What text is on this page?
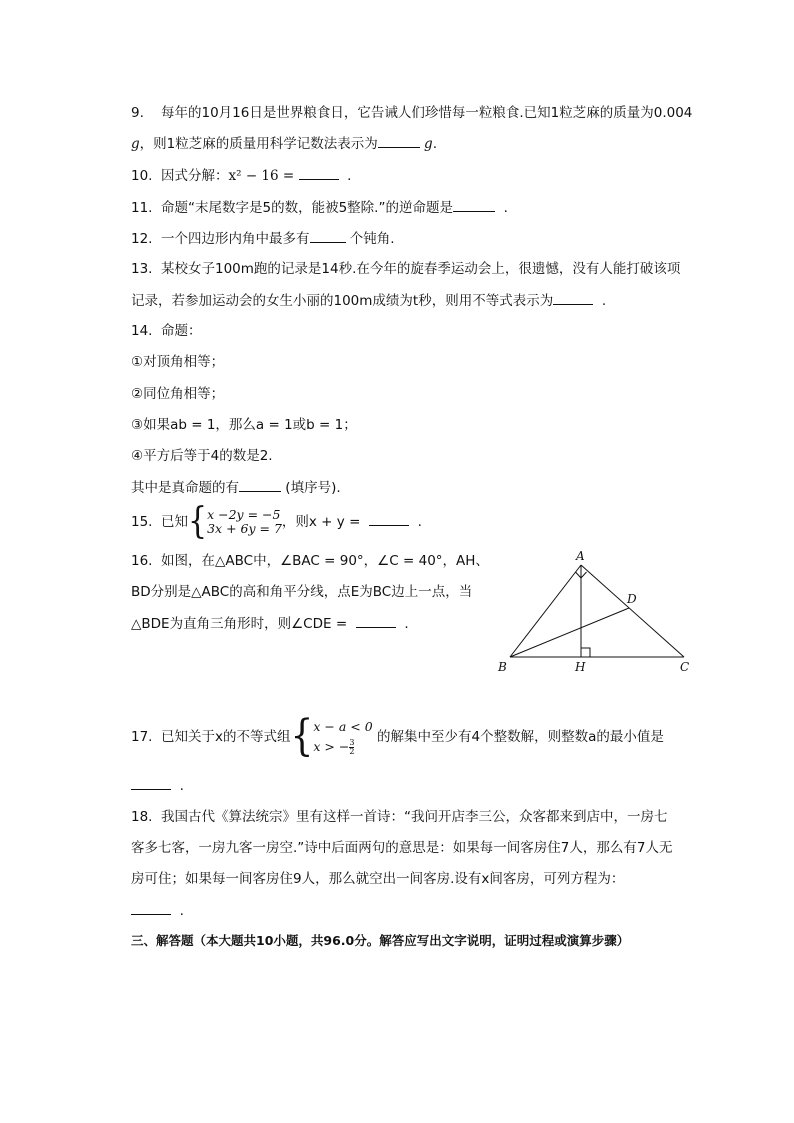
9. 每年的10月16日是世界粮食日，它告诫人们珍惜每一粒粮食.已知1粒芝麻的质量为0.004
g，则1粒芝麻的质量用科学记数法表示为	g.
10. 因式分解：x² − 16 =	.
11. 命题“末尾数字是5的数，能被5整除.”的逆命题是	.
12. 一个四边形内角中最多有	个钝角.
13. 某校女子100m跑的记录是14秒.在今年的旋春季运动会上，很遗憾，没有人能打破该项
记录，若参加运动会的女生小丽的100m成绩为t秒，则用不等式表示为	.
14. 命题：
①对顶角相等；
②同位角相等；
③如果ab = 1，那么a = 1或b = 1；
④平方后等于4的数是2.
其中是真命题的有	(填序号).
15. 已知{ x −2y = −5
3x + 6y = 7 ，则x + y =	.
16. 如图，在△ABC中，∠BAC = 90°，∠C = 40°，AH、
BD分别是△ABC的高和角平分线，点E为BC边上一点，当
△BDE为直角三角形时，则∠CDE =	.
A
B	C
D
H
17. 已知关于x的不等式组{ x − a < 0
x > − $\frac{3}{2}$
的解集中至少有4个整数解，则整数a的最小值是
.
18. 我国古代《算法统宗》里有这样一首诗：“我问开店李三公，众客都来到店中，一房七
客多七客，一房九客一房空.”诗中后面两句的意思是：如果每一间客房住7人，那么有7人无
房可住；如果每一间客房住9人，那么就空出一间客房.设有x间客房，可列方程为：
.
三、解答题（本大题共10小题，共96.0分。解答应写出文字说明，证明过程或演算步骤）
